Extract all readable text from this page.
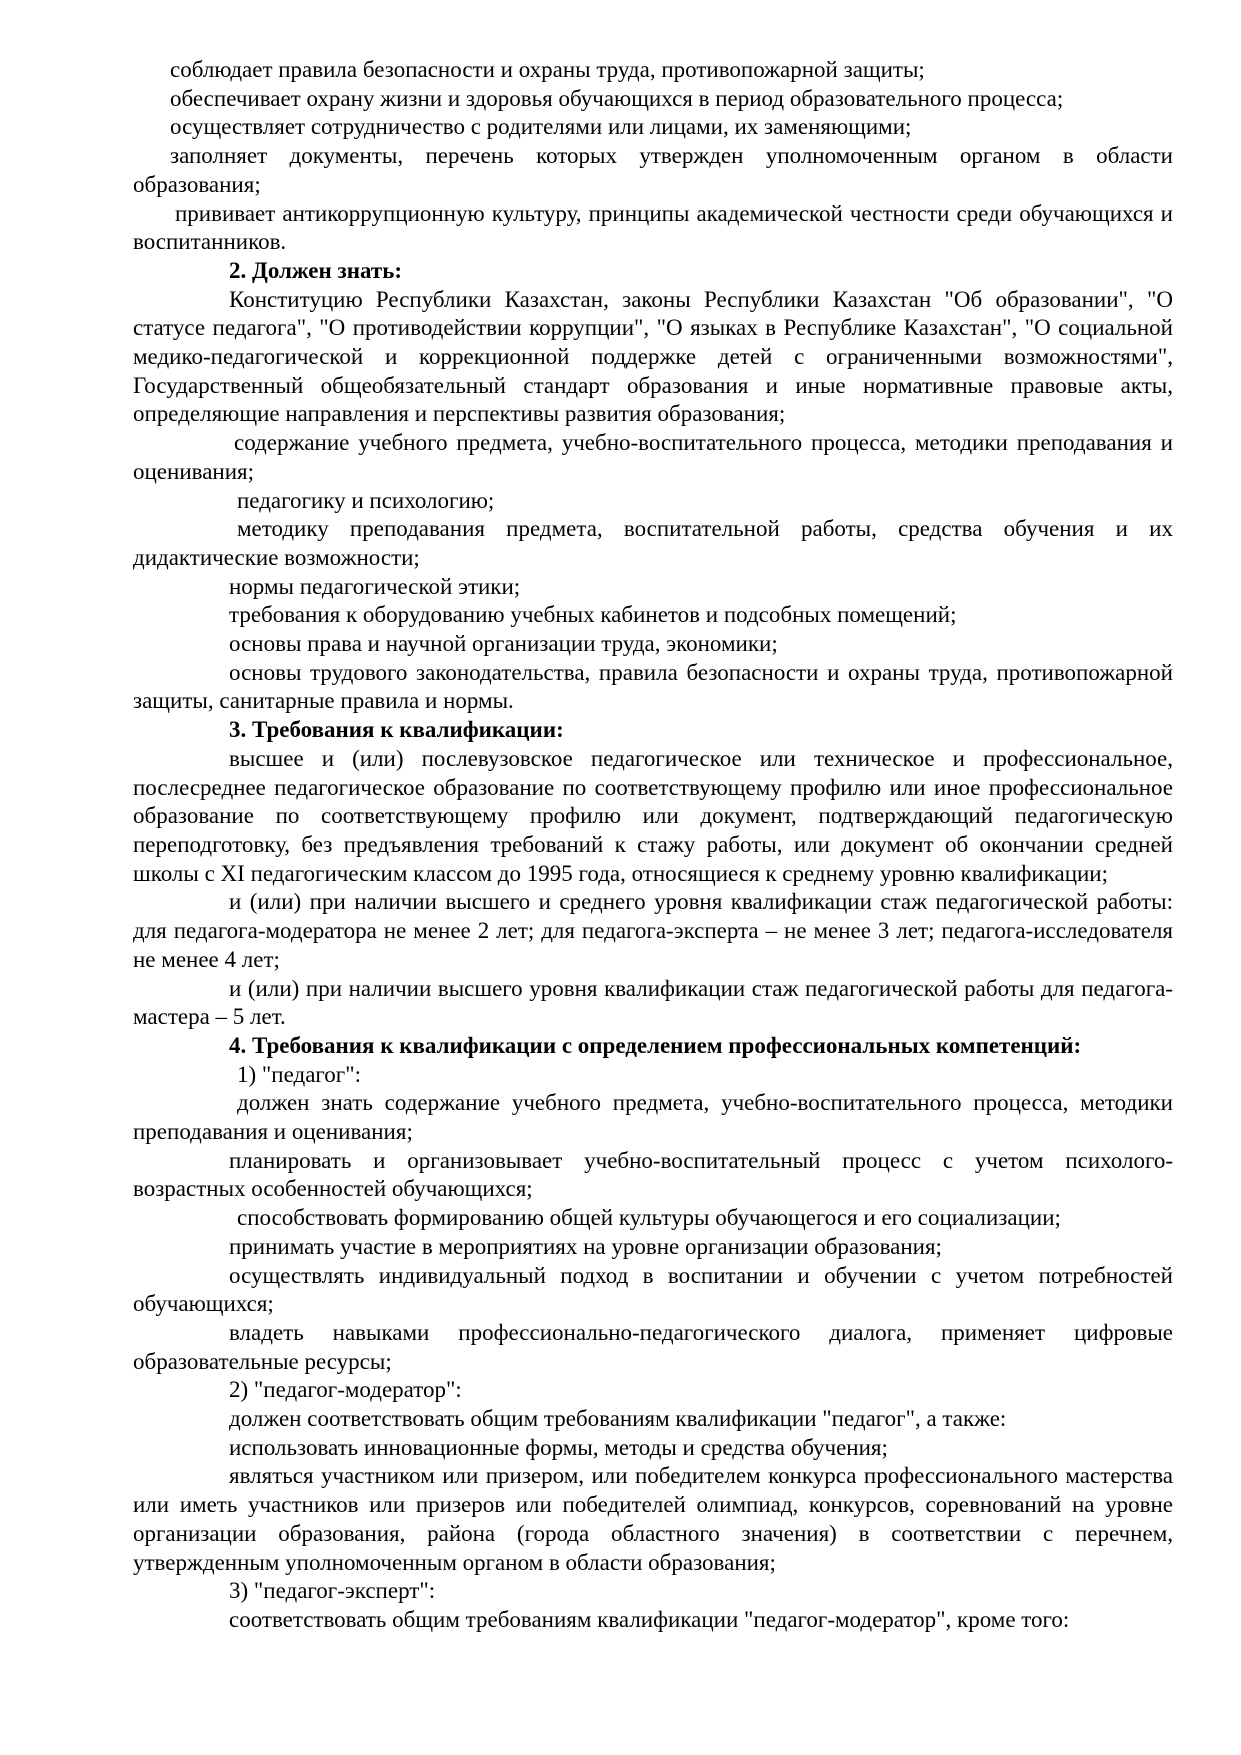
соблюдает правила безопасности и охраны труда, противопожарной защиты;

обеспечивает охрану жизни и здоровья обучающихся в период образовательного процесса;

осуществляет сотрудничество с родителями или лицами, их заменяющими;

заполняет документы, перечень которых утвержден уполномоченным органом в области образования;

прививает антикоррупционную культуру, принципы академической честности среди обучающихся и воспитанников.

2. Должен знать:

Конституцию Республики Казахстан, законы Республики Казахстан "Об образовании", "О статусе педагога", "О противодействии коррупции", "О языках в Республике Казахстан", "О социальной медико-педагогической и коррекционной поддержке детей с ограниченными возможностями", Государственный общеобязательный стандарт образования и иные нормативные правовые акты, определяющие направления и перспективы развития образования;

содержание учебного предмета, учебно-воспитательного процесса, методики преподавания и оценивания;

педагогику и психологию;

методику преподавания предмета, воспитательной работы, средства обучения и их дидактические возможности;

нормы педагогической этики;

требования к оборудованию учебных кабинетов и подсобных помещений;

основы права и научной организации труда, экономики;

основы трудового законодательства, правила безопасности и охраны труда, противопожарной защиты, санитарные правила и нормы.

3. Требования к квалификации:

высшее и (или) послевузовское педагогическое или техническое и профессиональное, послесреднее педагогическое образование по соответствующему профилю или иное профессиональное образование по соответствующему профилю или документ, подтверждающий педагогическую переподготовку, без предъявления требований к стажу работы, или документ об окончании средней школы с XI педагогическим классом до 1995 года, относящиеся к среднему уровню квалификации;

и (или) при наличии высшего и среднего уровня квалификации стаж педагогической работы: для педагога-модератора не менее 2 лет; для педагога-эксперта – не менее 3 лет; педагога-исследователя не менее 4 лет;

и (или) при наличии высшего уровня квалификации стаж педагогической работы для педагога-мастера – 5 лет.

4. Требования к квалификации с определением профессиональных компетенций:

1) "педагог":

должен знать содержание учебного предмета, учебно-воспитательного процесса, методики преподавания и оценивания;

планировать и организовывает учебно-воспитательный процесс с учетом психолого-возрастных особенностей обучающихся;

способствовать формированию общей культуры обучающегося и его социализации;

принимать участие в мероприятиях на уровне организации образования;

осуществлять индивидуальный подход в воспитании и обучении с учетом потребностей обучающихся;

владеть навыками профессионально-педагогического диалога, применяет цифровые образовательные ресурсы;

2) "педагог-модератор":

должен соответствовать общим требованиям квалификации "педагог", а также:

использовать инновационные формы, методы и средства обучения;

являться участником или призером, или победителем конкурса профессионального мастерства или иметь участников или призеров или победителей олимпиад, конкурсов, соревнований на уровне организации образования, района (города областного значения) в соответствии с перечнем, утвержденным уполномоченным органом в области образования;

3) "педагог-эксперт":

соответствовать общим требованиям квалификации "педагог-модератор", кроме того:
